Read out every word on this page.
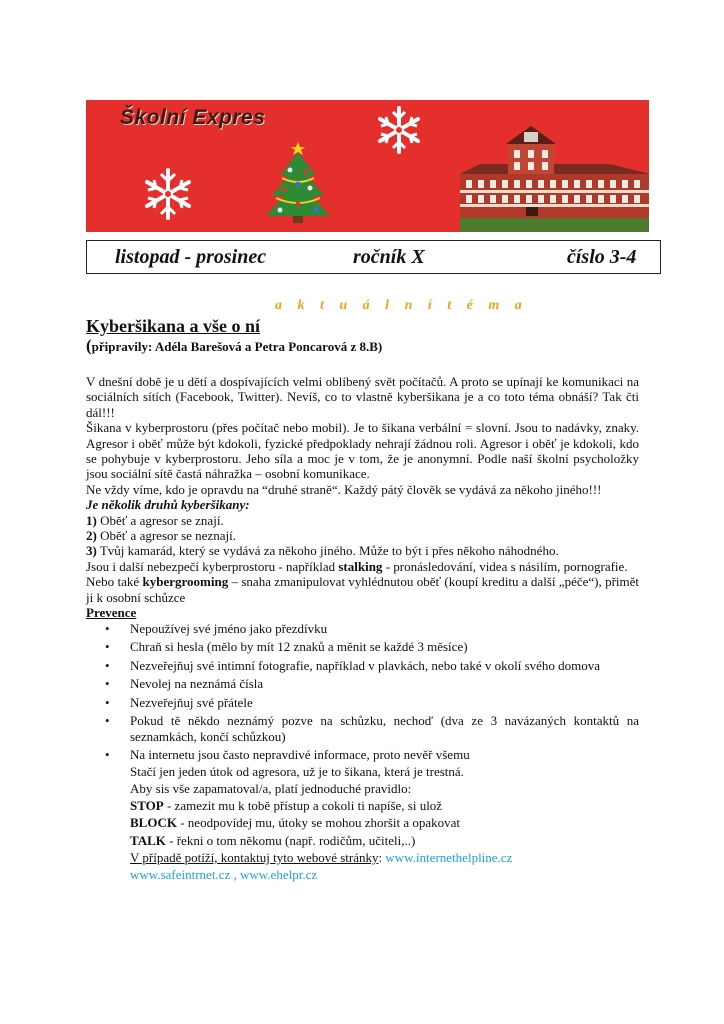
Školní Expres
listopad - prosinec	ročník X	číslo 3-4
a k t u á l n í t é m a
Kyberšikana a vše o ní
(připravily: Adéla Barešová a Petra Poncarová z 8.B)

V dnešní době je u dětí a dospívajících velmi oblíbený svět počítačů. A proto se upínají ke komunikaci na sociálních sítích (Facebook, Twitter). Nevíš, co to vlastně kyberšikana je a co toto téma obnáší? Tak čti dál!!!

Šikana v kyberprostoru (přes počítač nebo mobil). Je to šikana verbální = slovní. Jsou to nadávky, znaky. Agresor i oběť může být kdokoli, fyzické předpoklady nehrají žádnou roli. Agresor i oběť je kdokoli, kdo se pohybuje v kyberprostoru. Jeho síla a moc je v tom, že je anonymní. Podle naší školní psycholožky jsou sociální sítě častá náhražka – osobní komunikace.

Ne vždy víme, kdo je opravdu na “druhé straně“. Každý pátý člověk se vydává za někoho jiného!!!

Je několik druhů kyberšikany:

1) Oběť a agresor se znají.

2) Oběť a agresor se neznají.

3) Tvůj kamarád, který se vydává za někoho jiného. Může to být i přes někoho náhodného.

Jsou i další nebezpečí kyberprostoru - například stalking - pronásledování, videa s násilím, pornografie.

Nebo také kybergrooming – snaha zmanipulovat vyhlédnutou oběť (koupí kreditu a další „péče“), přimět ji k osobní schůzce

Prevence

• Nepoužívej své jméno jako přezdívku
• Chraň si hesla (mělo by mít 12 znaků a měnit se každé 3 měsíce)
• Nezveřejňuj své intimní fotografie, například v plavkách, nebo také v okolí svého domova
• Nevolej na neznámá čísla
• Nezveřejňuj své přátele
• Pokud tě někdo neznámý pozve na schůzku, nechoď (dva ze 3 navázaných kontaktů na seznamkách, končí schůzkou)
• Na internetu jsou často nepravdivé informace, proto nevěř všemu
Stačí jen jeden útok od agresora, už je to šikana, která je trestná.
Aby sis vše zapamatoval/a, platí jednoduché pravidlo:
STOP - zamezit mu k tobě přístup a cokoli ti napíše, si ulož
BLOCK - neodpovídej mu, útoky se mohou zhoršit a opakovat
TALK - řekni o tom někomu (např. rodičům, učiteli,..)
V případě potíží, kontaktuj tyto webové stránky: www.internethelpline.cz
www.safeintrnet.cz , www.ehelpr.cz
